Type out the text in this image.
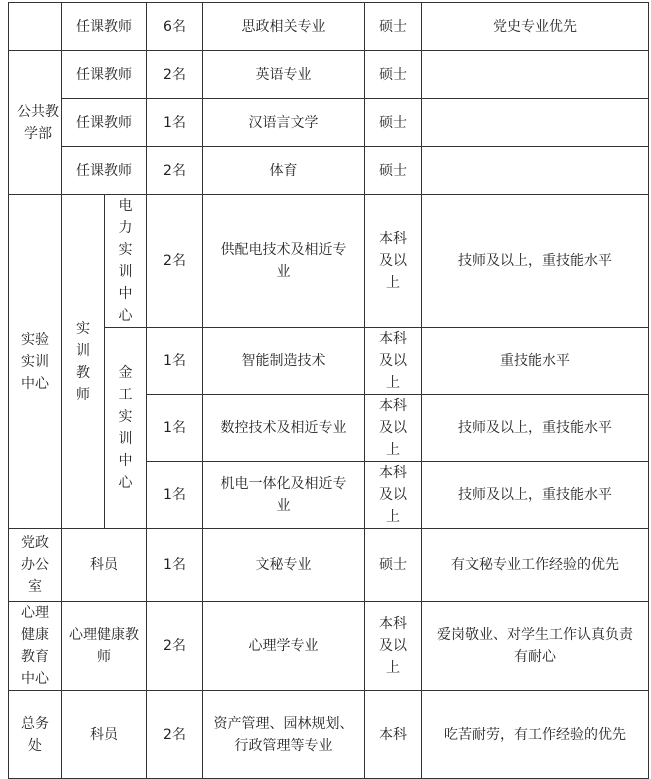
	任课教师		6名	思政相关专业	硕士	党史专业优先
公共教学部	任课教师		2名	英语专业	硕士	
	任课教师		1名	汉语言文学	硕士	
	任课教师		2名	体育	硕士	
实验实训中心	实训教师	电力实训中心	2名	供配电技术及相近专业	本科及以上	技师及以上，重技能水平
		金工实训中心	1名	智能制造技术	本科及以上	重技能水平
			1名	数控技术及相近专业	本科及以上	技师及以上，重技能水平
			1名	机电一体化及相近专业	本科及以上	技师及以上，重技能水平
党政办公室	科员		1名	文秘专业	硕士	有文秘专业工作经验的优先
心理健康教育中心	心理健康教师		2名	心理学专业	本科及以上	爱岗敬业、对学生工作认真负责有耐心
总务处	科员		2名	资产管理、园林规划、行政管理等专业	本科	吃苦耐劳，有工作经验的优先
